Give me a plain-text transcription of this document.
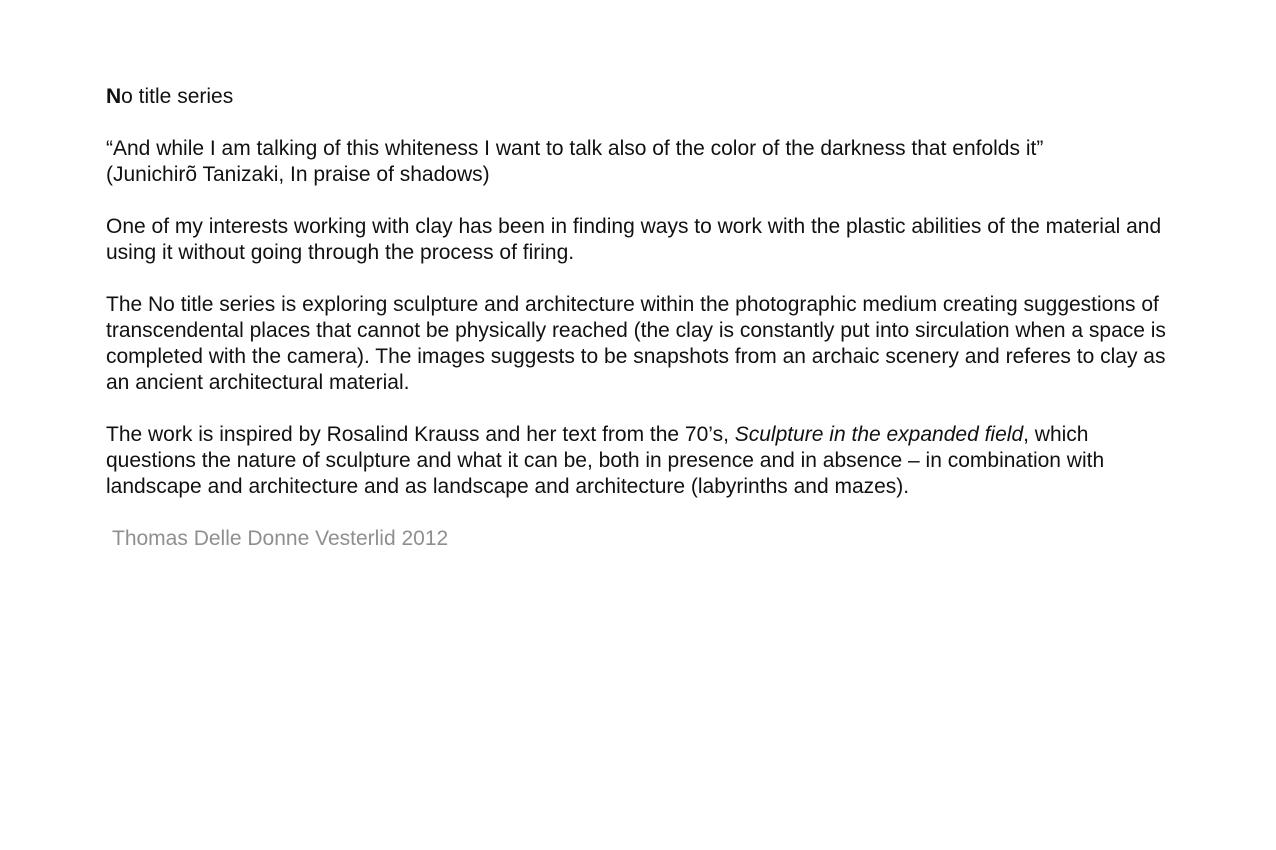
No title series
“And while I am talking of this whiteness I want to talk also of the color of the darkness that enfolds it”
(Junichirõ Tanizaki, In praise of shadows)

One of my interests working with clay has been in finding ways to work with the plastic abilities of the material and using it without going through the process of firing.

The No title series is exploring sculpture and architecture within the photographic medium creating suggestions of transcendental places that cannot be physically reached (the clay is constantly put into sirculation when a space is completed with the camera). The images suggests to be snapshots from an archaic scenery and referes to clay as an ancient architectural material.

The work is inspired by Rosalind Krauss and her text from the 70’s, Sculpture in the expanded field, which questions the nature of sculpture and what it can be, both in presence and in absence – in combination with landscape and architecture and as landscape and architecture (labyrinths and mazes).

Thomas Delle Donne Vesterlid 2012
